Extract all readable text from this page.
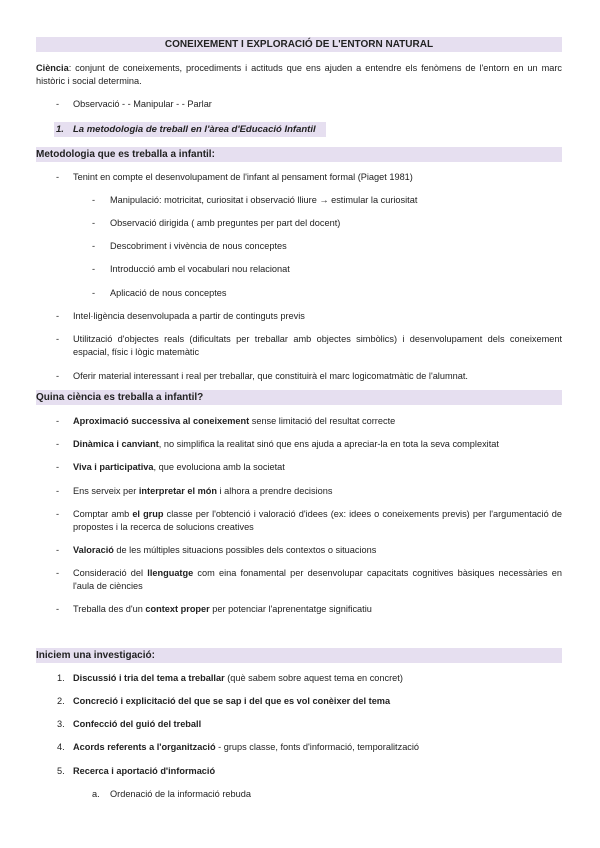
CONEIXEMENT I EXPLORACIÓ DE L'ENTORN NATURAL
Ciència: conjunt de coneixements, procediments i actituds que ens ajuden a entendre els fenòmens de l'entorn en un marc històric i social determina.
- Observació - - Manipular - - Parlar
1. La metodologia de treball en l'àrea d'Educació Infantil
Metodologia que es treballa a infantil:
- Tenint en compte el desenvolupament de l'infant al pensament formal (Piaget 1981)
- Manipulació: motricitat, curiositat i observació lliure → estimular la curiositat
- Observació dirigida ( amb preguntes per part del docent)
- Descobriment i vivència de nous conceptes
- Introducció amb el vocabulari nou relacionat
- Aplicació de nous conceptes
- Intel·ligència desenvolupada a partir de continguts previs
- Utilització d'objectes reals (dificultats per treballar amb objectes simbòlics) i desenvolupament dels coneixement espacial, físic i lògic matemàtic
- Oferir material interessant i real per treballar, que constituirà el marc logicomatmàtic de l'alumnat.
Quina ciència es treballa a infantil?
- Aproximació successiva al coneixement sense limitació del resultat correcte
- Dinàmica i canviant, no simplifica la realitat sinó que ens ajuda a apreciar-la en tota la seva complexitat
- Viva i participativa, que evoluciona amb la societat
- Ens serveix per interpretar el món i alhora a prendre decisions
- Comptar amb el grup classe per l'obtenció i valoració d'idees (ex: idees o coneixements previs) per l'argumentació de propostes i la recerca de solucions creatives
- Valoració de les múltiples situacions possibles dels contextos o situacions
- Consideració del llenguatge com eina fonamental per desenvolupar capacitats cognitives bàsiques necessàries en l'aula de ciències
- Treballa des d'un context proper per potenciar l'aprenentatge significatiu
Iniciem una investigació:
1. Discussió i tria del tema a treballar (què sabem sobre aquest tema en concret)
2. Concreció i explicitació del que se sap i del que es vol conèixer del tema
3. Confecció del guió del treball
4. Acords referents a l'organització - grups classe, fonts d'informació, temporalització
5. Recerca i aportació d'informació
a. Ordenació de la informació rebuda
